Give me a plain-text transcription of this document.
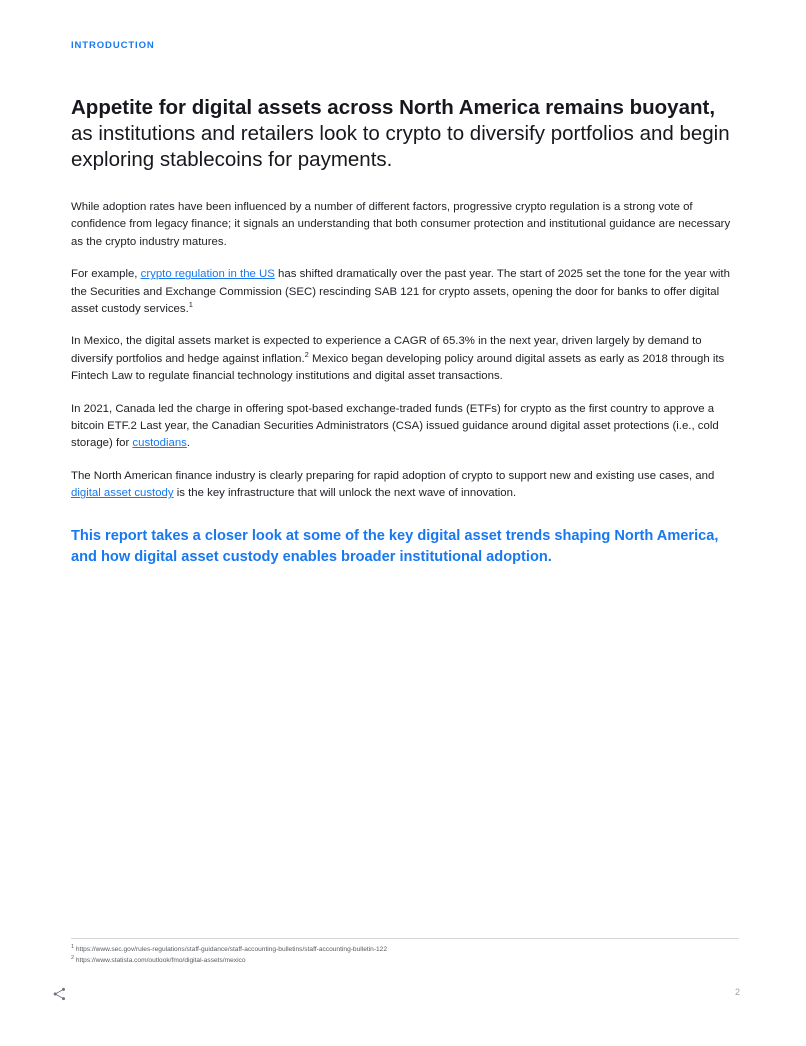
INTRODUCTION
Appetite for digital assets across North America remains buoyant, as institutions and retailers look to crypto to diversify portfolios and begin exploring stablecoins for payments.

While adoption rates have been influenced by a number of different factors, progressive crypto regulation is a strong vote of confidence from legacy finance; it signals an understanding that both consumer protection and institutional guidance are necessary as the crypto industry matures.

For example, crypto regulation in the US has shifted dramatically over the past year. The start of 2025 set the tone for the year with the Securities and Exchange Commission (SEC) rescinding SAB 121 for crypto assets, opening the door for banks to offer digital asset custody services.$^1$

In Mexico, the digital assets market is expected to experience a CAGR of 65.3% in the next year, driven largely by demand to diversify portfolios and hedge against inflation.$^2$ Mexico began developing policy around digital assets as early as 2018 through its Fintech Law to regulate financial technology institutions and digital asset transactions.

In 2021, Canada led the charge in offering spot-based exchange-traded funds (ETFs) for crypto as the first country to approve a bitcoin ETF.2 Last year, the Canadian Securities Administrators (CSA) issued guidance around digital asset protections (i.e., cold storage) for custodians.

The North American finance industry is clearly preparing for rapid adoption of crypto to support new and existing use cases, and digital asset custody is the key infrastructure that will unlock the next wave of innovation.

This report takes a closer look at some of the key digital asset trends shaping North America, and how digital asset custody enables broader institutional adoption.

$^1$ https://www.sec.gov/rules-regulations/staff-guidance/staff-accounting-bulletins/staff-accounting-bulletin-122

$^2$ https://www.statista.com/outlook/fmo/digital-assets/mexico

2
